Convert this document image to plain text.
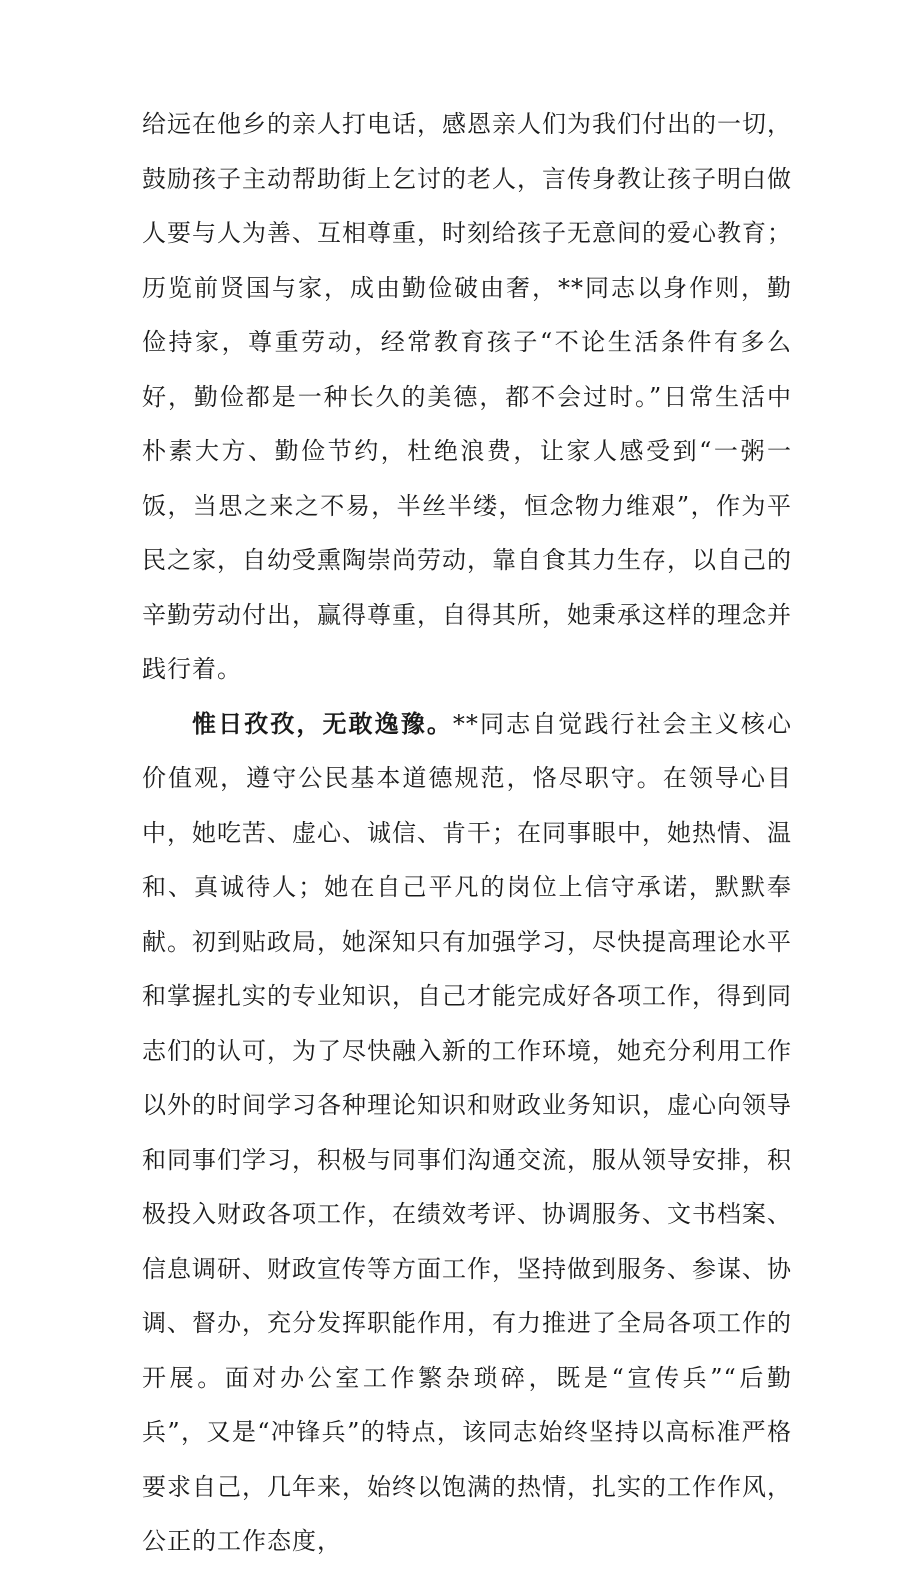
给远在他乡的亲人打电话，感恩亲人们为我们付出的一切，鼓励孩子主动帮助街上乞讨的老人，言传身教让孩子明白做人要与人为善、互相尊重，时刻给孩子无意间的爱心教育；历览前贤国与家，成由勤俭破由奢，**同志以身作则，勤俭持家，尊重劳动，经常教育孩子“不论生活条件有多么好，勤俭都是一种长久的美德，都不会过时。”日常生活中朴素大方、勤俭节约，杜绝浪费，让家人感受到“一粥一饭，当思之来之不易，半丝半缕，恒念物力维艰”，作为平民之家，自幼受熏陶崇尚劳动，靠自食其力生存，以自己的辛勤劳动付出，赢得尊重，自得其所，她秉承这样的理念并践行着。

惟日孜孜，无敢逸豫。**同志自觉践行社会主义核心价值观，遵守公民基本道德规范，恪尽职守。在领导心目中，她吃苦、虚心、诚信、肯干；在同事眼中，她热情、温和、真诚待人；她在自己平凡的岗位上信守承诺，默默奉献。初到贴政局，她深知只有加强学习，尽快提高理论水平和掌握扎实的专业知识，自己才能完成好各项工作，得到同志们的认可，为了尽快融入新的工作环境，她充分利用工作以外的时间学习各种理论知识和财政业务知识，虚心向领导和同事们学习，积极与同事们沟通交流，服从领导安排，积极投入财政各项工作，在绩效考评、协调服务、文书档案、信息调研、财政宣传等方面工作，坚持做到服务、参谋、协调、督办，充分发挥职能作用，有力推进了全局各项工作的开展。面对办公室工作繁杂琐碎，既是“宣传兵”“后勤兵”，又是“冲锋兵”的特点，该同志始终坚持以高标准严格要求自己，几年来，始终以饱满的热情，扎实的工作作风，公正的工作态度，
